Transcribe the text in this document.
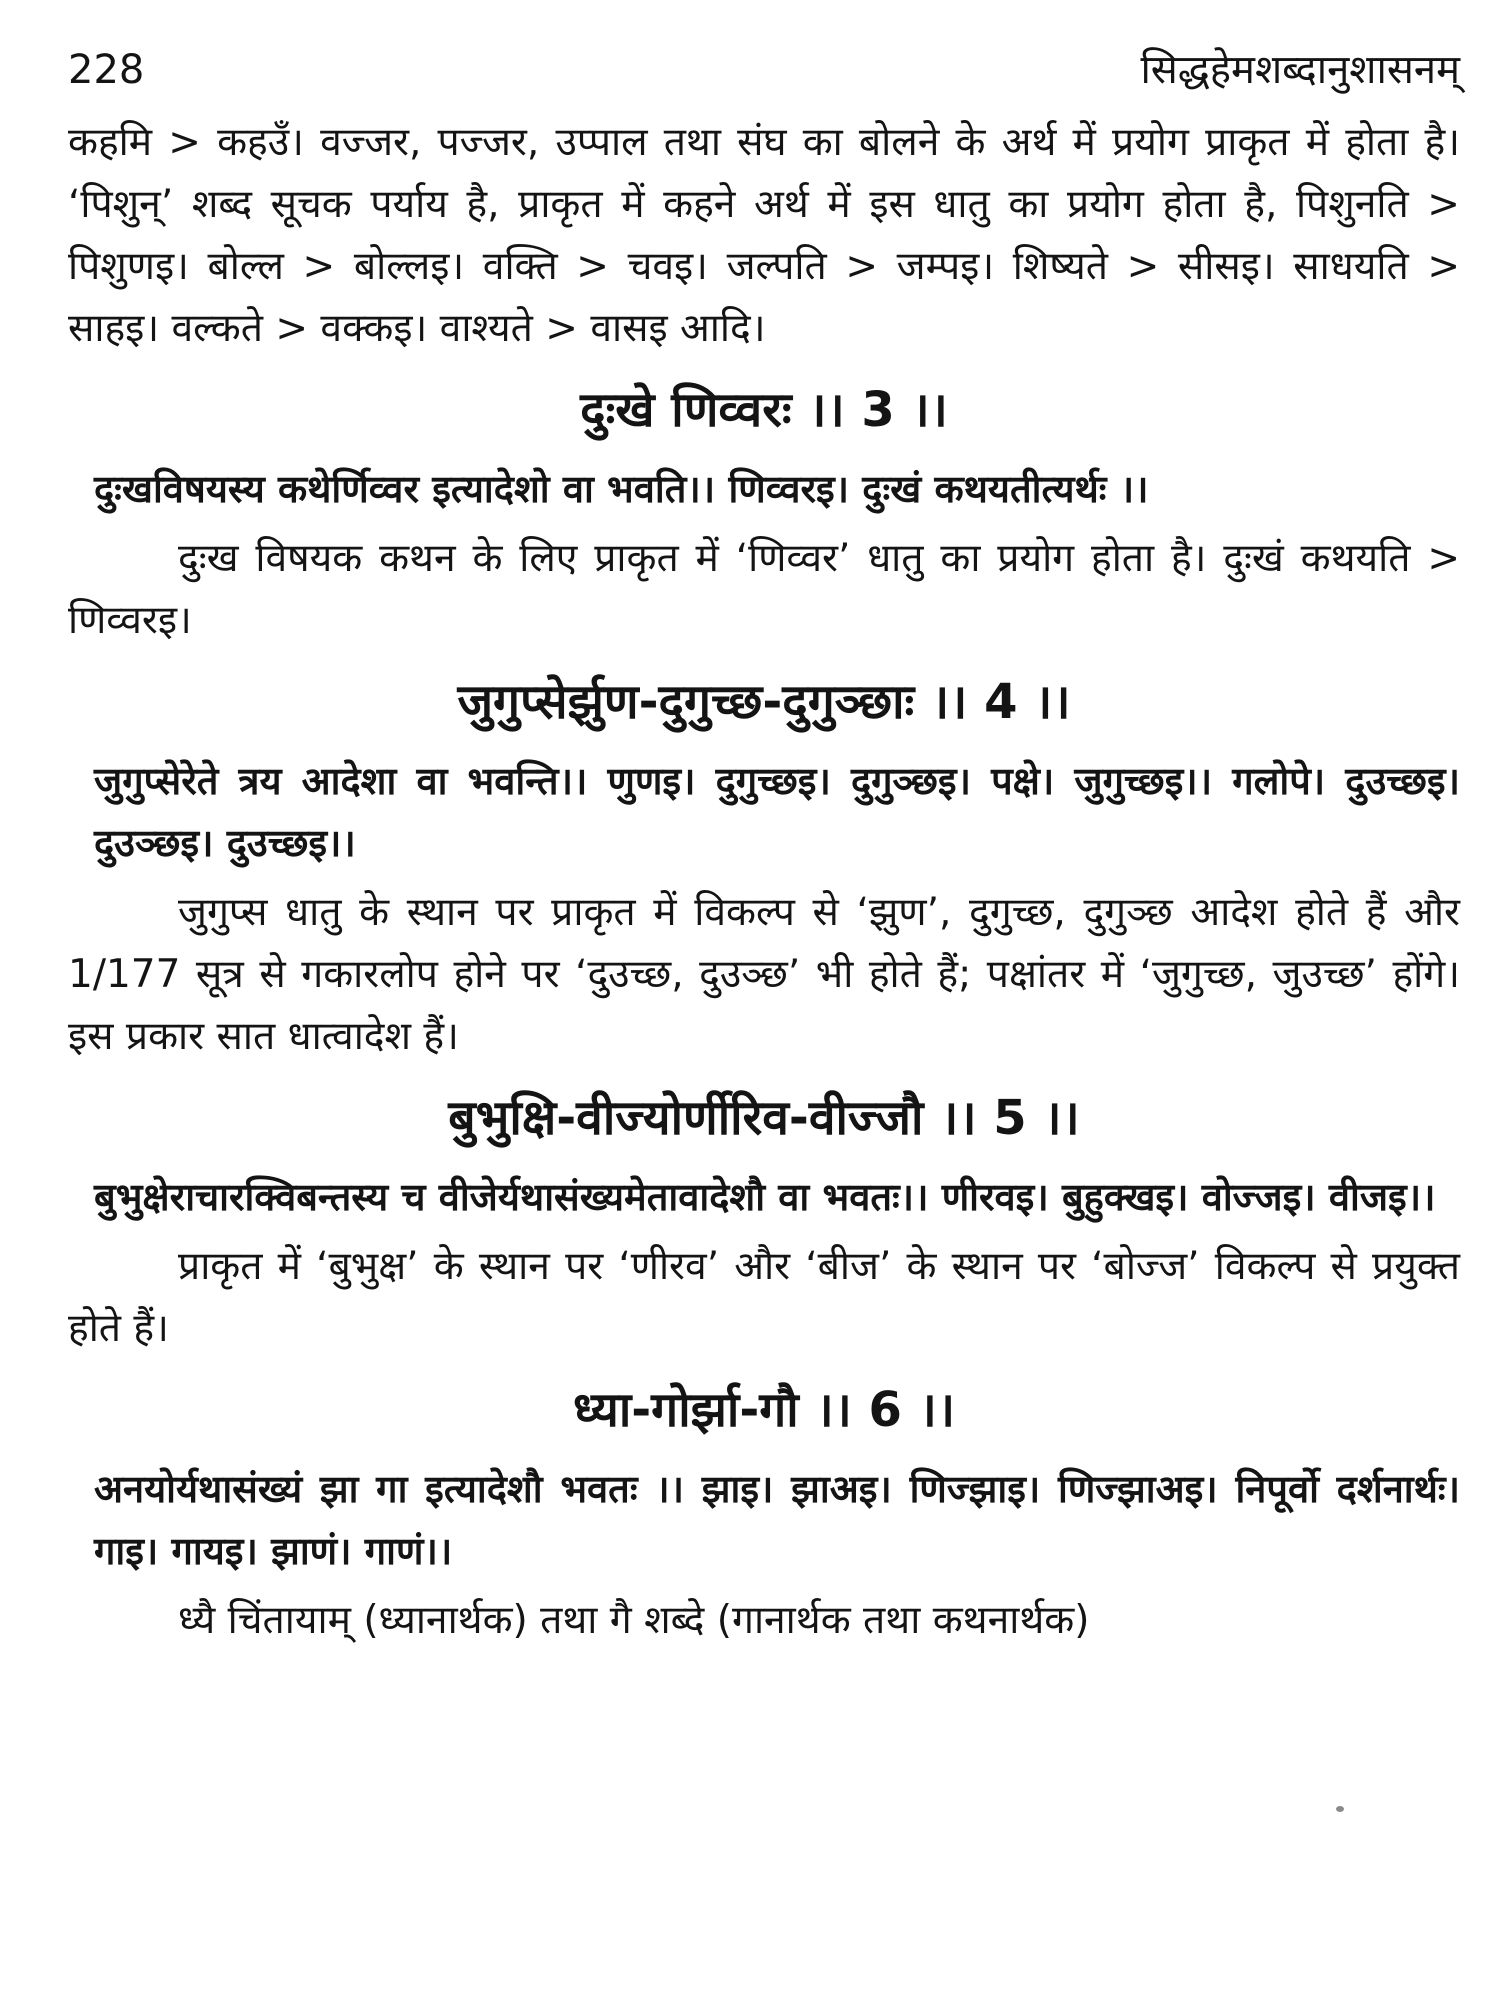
228	सिद्धहेमशब्दानुशासनम्

कहमि > कहउँ। वज्जर, पज्जर, उप्पाल तथा संघ का बोलने के अर्थ में प्रयोग प्राकृत में होता है। ‘पिशुन्’ शब्द सूचक पर्याय है, प्राकृत में कहने अर्थ में इस धातु का प्रयोग होता है, पिशुनति > पिशुणइ। बोल्ल > बोल्लइ। वक्ति > चवइ। जल्पति > जम्पइ। शिष्यते > सीसइ। साधयति > साहइ। वल्कते > वक्कइ। वाश्यते > वासइ आदि।

दुःखे णिव्वरः ।। 3 ।।

दुःखविषयस्य कथेर्णिव्वर इत्यादेशो वा भवति।। णिव्वरइ। दुःखं कथयतीत्यर्थः ।।

दुःख विषयक कथन के लिए प्राकृत में ‘णिव्वर’ धातु का प्रयोग होता है। दुःखं कथयति > णिव्वरइ।

जुगुप्सेर्झुण-दुगुच्छ-दुगुञ्छाः ।। 4 ।।

जुगुप्सेरेते त्रय आदेशा वा भवन्ति।। णुणइ। दुगुच्छइ। दुगुञ्छइ। पक्षे। जुगुच्छइ।। गलोपे। दुउच्छइ। दुउञ्छइ। दुउच्छइ।।

जुगुप्स धातु के स्थान पर प्राकृत में विकल्प से ‘झुण’, दुगुच्छ, दुगुञ्छ आदेश होते हैं और 1/177 सूत्र से गकारलोप होने पर ‘दुउच्छ, दुउञ्छ’ भी होते हैं; पक्षांतर में ‘जुगुच्छ, जुउच्छ’ होंगे। इस प्रकार सात धात्वादेश हैं।

बुभुक्षि-वीज्योर्णीरिव-वीज्जौ ।। 5 ।।

बुभुक्षेराचारक्विबन्तस्य च वीजेर्यथासंख्यमेतावादेशौ वा भवतः।। णीरवइ। बुहुक्खइ। वोज्जइ। वीजइ।।

प्राकृत में ‘बुभुक्ष’ के स्थान पर ‘णीरव’ और ‘बीज’ के स्थान पर ‘बोज्ज’ विकल्प से प्रयुक्त होते हैं।

ध्या-गोर्झा-गौ ।। 6 ।।

अनयोर्यथासंख्यं झा गा इत्यादेशौ भवतः ।। झाइ। झाअइ। णिज्झाइ। णिज्झाअइ। निपूर्वो दर्शनार्थः। गाइ। गायइ। झाणं। गाणं।।

ध्यै चिंतायाम् (ध्यानार्थक) तथा गै शब्दे (गानार्थक तथा कथनार्थक)
